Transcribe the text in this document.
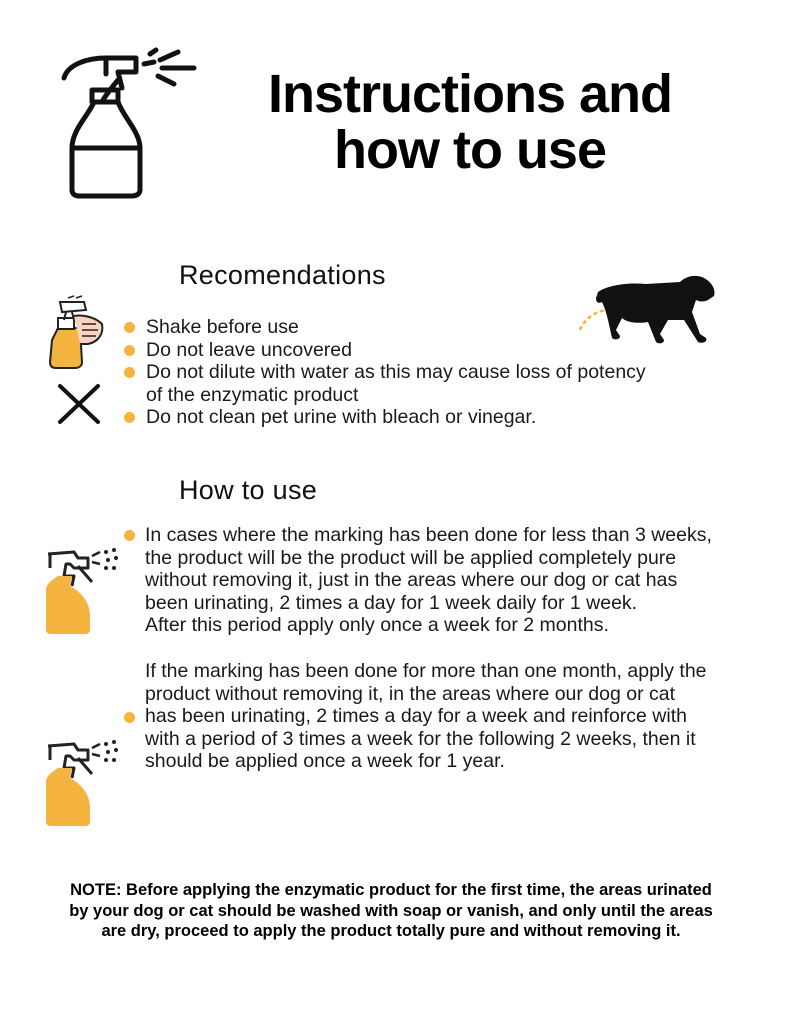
Instructions and
how to use
Recomendations
Shake before use
Do not leave uncovered
Do not dilute with water as this may cause loss of potency
of the enzymatic product
Do not clean pet urine with bleach or vinegar.
How to use
In cases where the marking has been done for less than 3 weeks,
the product will be the product will be applied completely pure
without removing it, just in the areas where our dog or cat has
been urinating, 2 times a day for 1 week daily for 1 week.
After this period apply only once a week for 2 months.
If the marking has been done for more than one month, apply the
product without removing it, in the areas where our dog or cat
has been urinating, 2 times a day for a week and reinforce with
with a period of 3 times a week for the following 2 weeks, then it
should be applied once a week for 1 year.
NOTE: Before applying the enzymatic product for the first time, the areas urinated
by your dog or cat should be washed with soap or vanish, and only until the areas
are dry, proceed to apply the product totally pure and without removing it.
